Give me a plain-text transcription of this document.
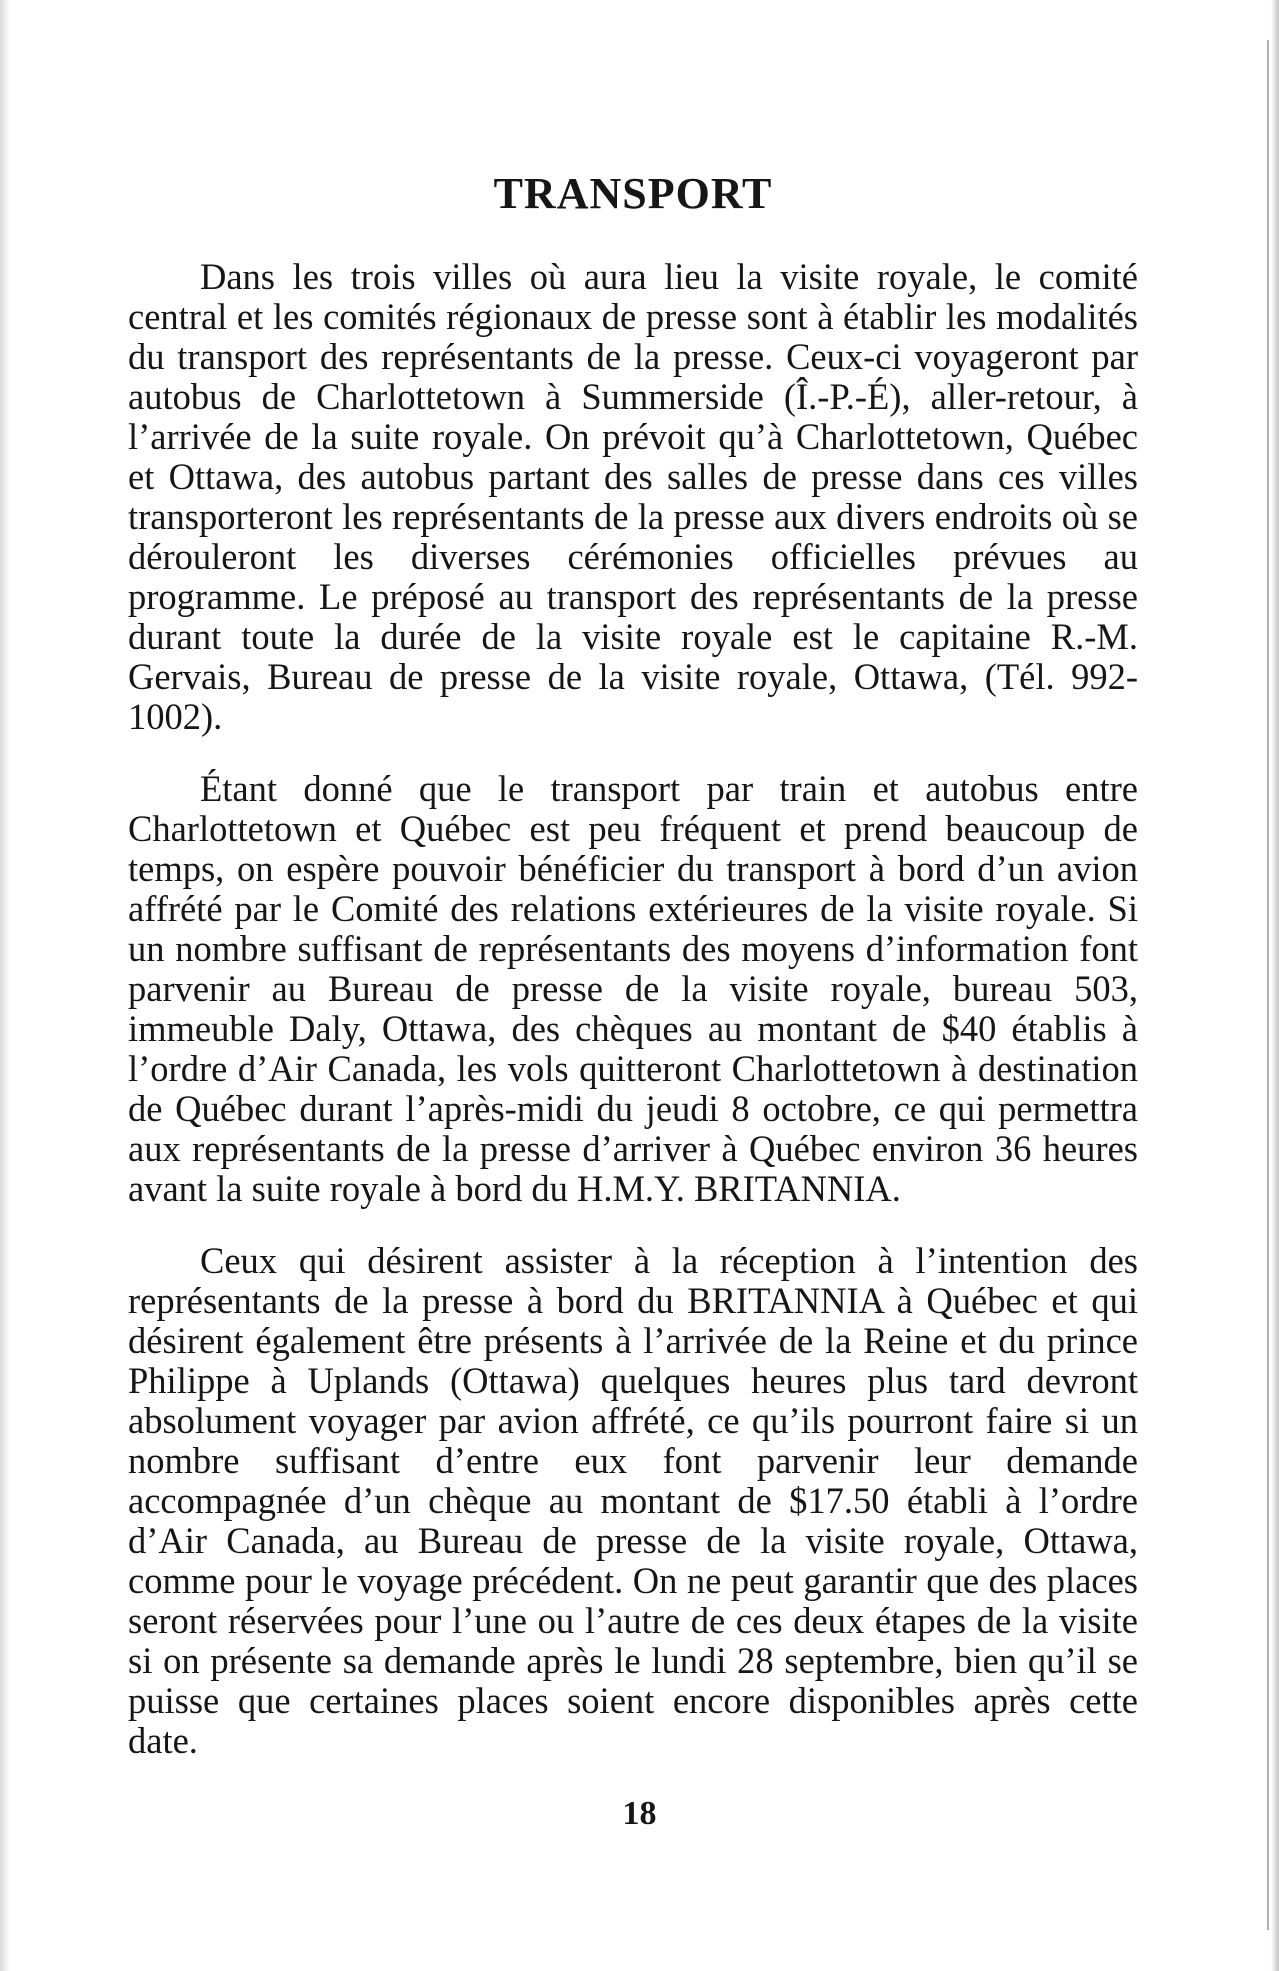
TRANSPORT

Dans les trois villes où aura lieu la visite royale, le comité central et les comités régionaux de presse sont à établir les modalités du transport des représentants de la presse. Ceux-ci voyageront par autobus de Charlottetown à Summerside (Î.-P.-É), aller-retour, à l’arrivée de la suite royale. On prévoit qu’à Charlottetown, Québec et Ottawa, des autobus partant des salles de presse dans ces villes transporteront les représentants de la presse aux divers endroits où se dérouleront les diverses cérémonies officielles prévues au programme. Le préposé au transport des représentants de la presse durant toute la durée de la visite royale est le capitaine R.-M. Gervais, Bureau de presse de la visite royale, Ottawa, (Tél. 992-1002).

Étant donné que le transport par train et autobus entre Charlottetown et Québec est peu fréquent et prend beaucoup de temps, on espère pouvoir bénéficier du transport à bord d’un avion affrété par le Comité des relations extérieures de la visite royale. Si un nombre suffisant de représentants des moyens d’information font parvenir au Bureau de presse de la visite royale, bureau 503, immeuble Daly, Ottawa, des chèques au montant de $40 établis à l’ordre d’Air Canada, les vols quitteront Charlottetown à destination de Québec durant l’après-midi du jeudi 8 octobre, ce qui permettra aux représentants de la presse d’arriver à Québec environ 36 heures avant la suite royale à bord du H.M.Y. BRITANNIA.

Ceux qui désirent assister à la réception à l’intention des représentants de la presse à bord du BRITANNIA à Québec et qui désirent également être présents à l’arrivée de la Reine et du prince Philippe à Uplands (Ottawa) quelques heures plus tard devront absolument voyager par avion affrété, ce qu’ils pourront faire si un nombre suffisant d’entre eux font parvenir leur demande accompagnée d’un chèque au montant de $17.50 établi à l’ordre d’Air Canada, au Bureau de presse de la visite royale, Ottawa, comme pour le voyage précédent. On ne peut garantir que des places seront réservées pour l’une ou l’autre de ces deux étapes de la visite si on présente sa demande après le lundi 28 septembre, bien qu’il se puisse que certaines places soient encore disponibles après cette date.

18
